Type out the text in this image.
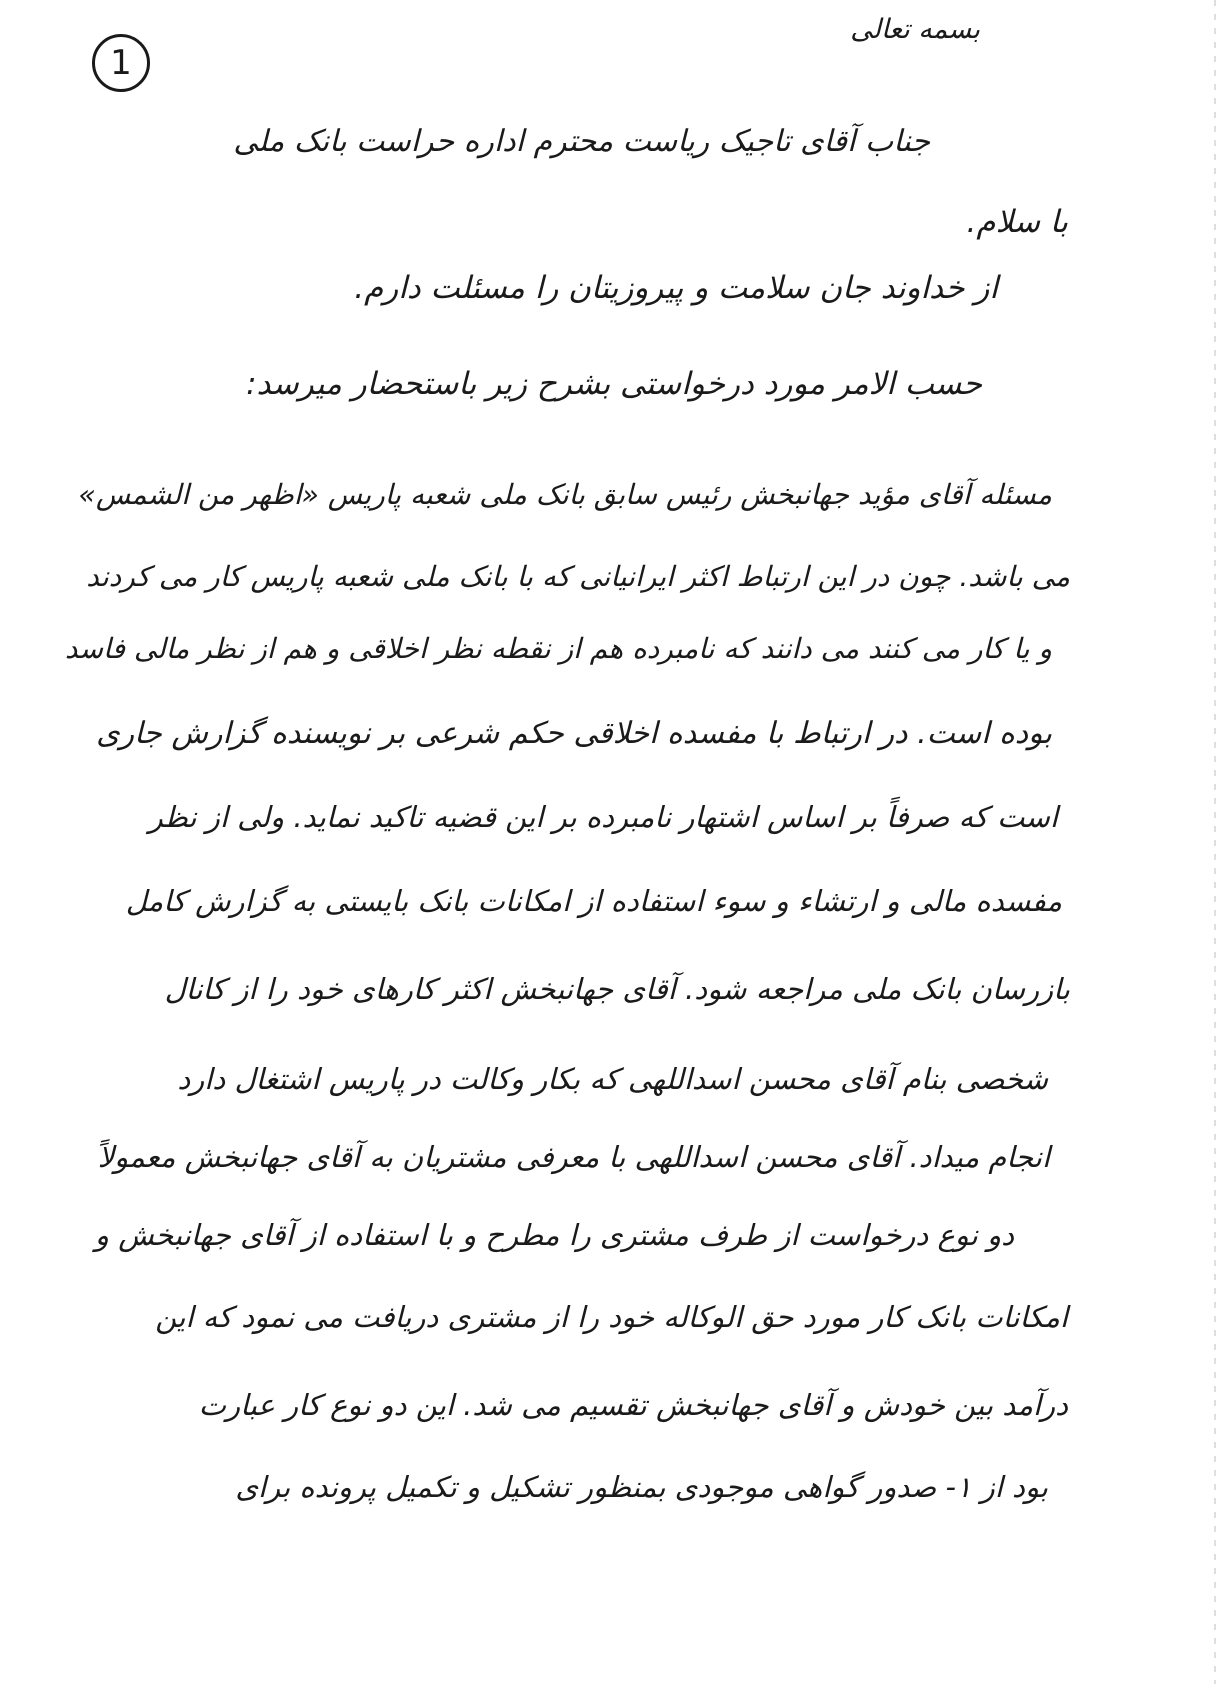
1
بسمه تعالی
جناب آقای تاجیک ریاست محترم اداره حراست بانک ملی
با سلام.
از خداوند جان سلامت و پیروزیتان را مسئلت دارم.
حسب الامر مورد درخواستی بشرح زیر باستحضار میرسد:
مسئله آقای مؤید جهانبخش رئیس سابق بانک ملی شعبه پاریس «اظهر من الشمس»
می باشد. چون در این ارتباط اکثر ایرانیانی که با بانک ملی شعبه پاریس کار می کردند
و یا کار می کنند می دانند که نامبرده هم از نقطه نظر اخلاقی و هم از نظر مالی فاسد
بوده است. در ارتباط با مفسده اخلاقی حکم شرعی بر نویسنده گزارش جاری
است که صرفاً بر اساس اشتهار نامبرده بر این قضیه تاکید نماید. ولی از نظر
مفسده مالی و ارتشاء و سوء استفاده از امکانات بانک بایستی به گزارش کامل
بازرسان بانک ملی مراجعه شود. آقای جهانبخش اکثر کارهای خود را از کانال
شخصی بنام آقای محسن اسداللهی که بکار وکالت در پاریس اشتغال دارد
انجام میداد. آقای محسن اسداللهی با معرفی مشتریان به آقای جهانبخش معمولاً
دو نوع درخواست از طرف مشتری را مطرح و با استفاده از آقای جهانبخش و
امکانات بانک کار مورد حق الوکاله خود را از مشتری دریافت می نمود که این
درآمد بین خودش و آقای جهانبخش تقسیم می شد. این دو نوع کار عبارت
بود از ۱- صدور گواهی موجودی بمنظور تشکیل و تکمیل پرونده برای
